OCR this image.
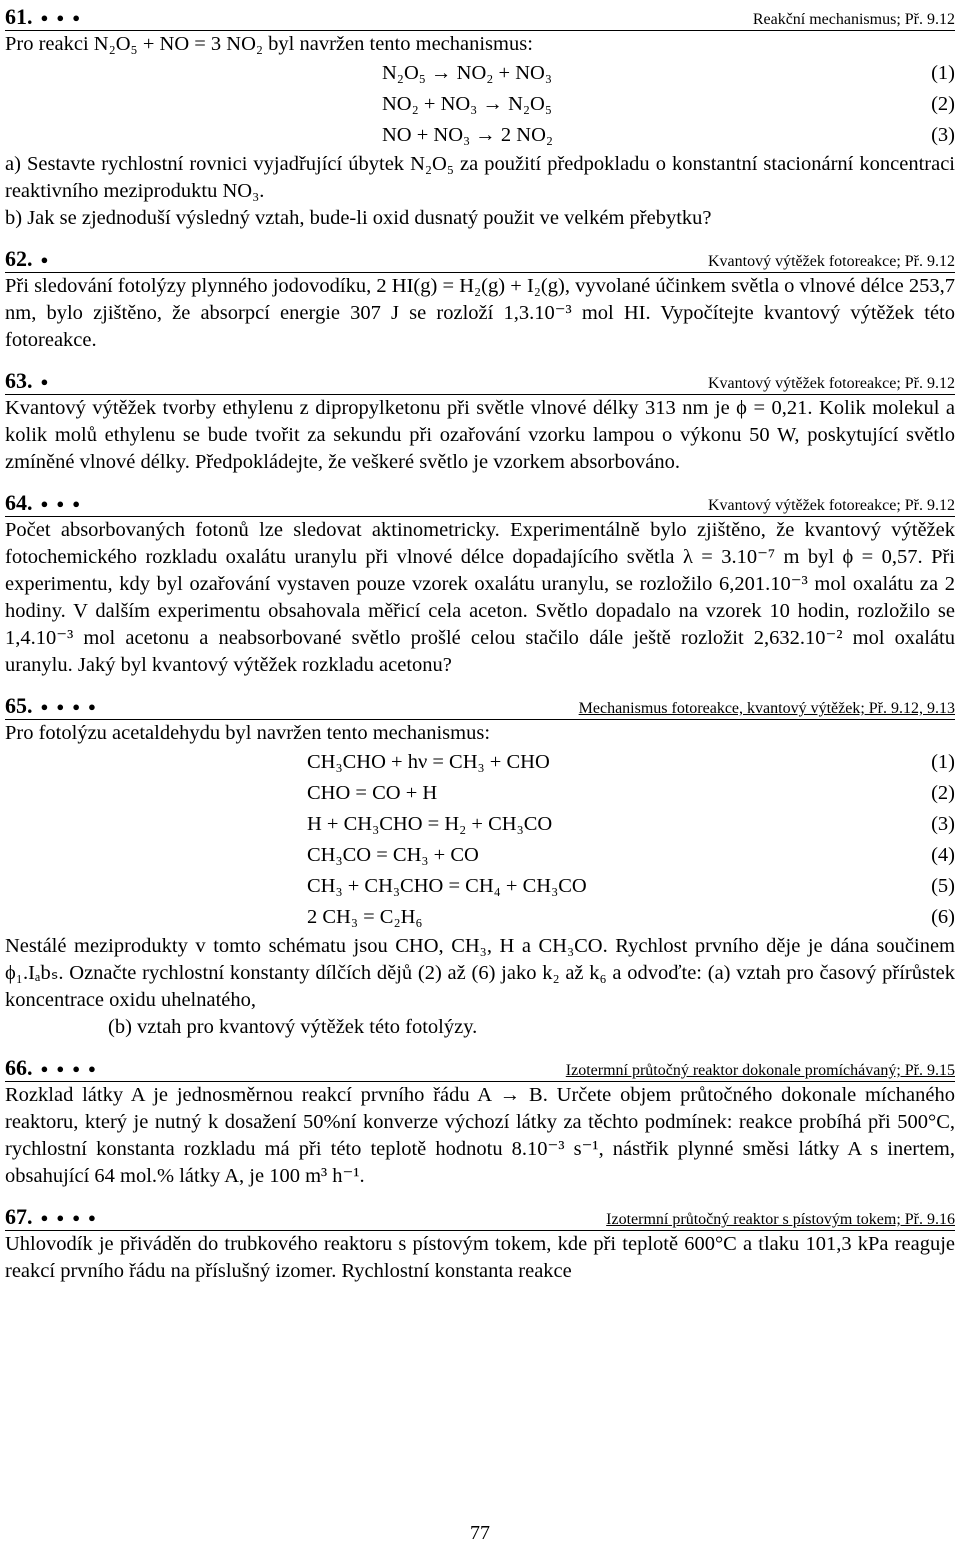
61. ●●●	Reakční mechanismus; Př. 9.12
Pro reakci N₂O₅ + NO = 3 NO₂ byl navržen tento mechanismus:
N₂O₅ → NO₂ + NO₃	(1)
NO₂ + NO₃ → N₂O₅	(2)
NO + NO₃ → 2 NO₂	(3)
a) Sestavte rychlostní rovnici vyjadřující úbytek N₂O₅ za použití předpokladu o konstantní stacionární koncentraci reaktivního meziproduktu NO₃.
b) Jak se zjednoduší výsledný vztah, bude-li oxid dusnatý použit ve velkém přebytku?
62. ●	Kvantový výtěžek fotoreakce; Př. 9.12
Při sledování fotolýzy plynného jodovodíku, 2 HI(g) = H₂(g) + I₂(g), vyvolané účinkem světla o vlnové délce 253,7 nm, bylo zjištěno, že absorpcí energie 307 J se rozloží 1,3.10⁻³ mol HI. Vypočítejte kvantový výtěžek této fotoreakce.
63. ●	Kvantový výtěžek fotoreakce; Př. 9.12
Kvantový výtěžek tvorby ethylenu z dipropylketonu při světle vlnové délky 313 nm je ϕ = 0,21. Kolik molekul a kolik molů ethylenu se bude tvořit za sekundu při ozařování vzorku lampou o výkonu 50 W, poskytující světlo zmíněné vlnové délky. Předpokládejte, že veškeré světlo je vzorkem absorbováno.
64. ●●●	Kvantový výtěžek fotoreakce; Př. 9.12
Počet absorbovaných fotonů lze sledovat aktinometricky. Experimentálně bylo zjištěno, že kvantový výtěžek fotochemického rozkladu oxalátu uranylu při vlnové délce dopadajícího světla λ = 3.10⁻⁷ m byl ϕ = 0,57. Při experimentu, kdy byl ozařování vystaven pouze vzorek oxalátu uranylu, se rozložilo 6,201.10⁻³ mol oxalátu za 2 hodiny. V dalším experimentu obsahovala měřicí cela aceton. Světlo dopadalo na vzorek 10 hodin, rozložilo se 1,4.10⁻³ mol acetonu a neabsorbované světlo prošlé celou stačilo dále ještě rozložit 2,632.10⁻² mol oxalátu uranylu. Jaký byl kvantový výtěžek rozkladu acetonu?
65. ●●●●	Mechanismus fotoreakce, kvantový výtěžek; Př. 9.12, 9.13
Pro fotolýzu acetaldehydu byl navržen tento mechanismus:
CH₃CHO + hν = CH₃ + CHO	(1)
CHO = CO + H	(2)
H + CH₃CHO = H₂ + CH₃CO	(3)
CH₃CO = CH₃ + CO	(4)
CH₃ + CH₃CHO = CH₄ + CH₃CO	(5)
2 CH₃ = C₂H₆	(6)
Nestálé meziprodukty v tomto schématu jsou CHO, CH₃, H a CH₃CO. Rychlost prvního děje je dána součinem ϕ₁.Iₐbₛ. Označte rychlostní konstanty dílčích dějů (2) až (6) jako k₂ až k₆ a odvoďte: (a) vztah pro časový přírůstek koncentrace oxidu uhelnatého,
(b) vztah pro kvantový výtěžek této fotolýzy.
66. ●●●●	Izotermní průtočný reaktor dokonale promíchávaný; Př. 9.15
Rozklad látky A je jednosměrnou reakcí prvního řádu A → B. Určete objem průtočného dokonale míchaného reaktoru, který je nutný k dosažení 50%ní konverze výchozí látky za těchto podmínek: reakce probíhá při 500°C, rychlostní konstanta rozkladu má při této teplotě hodnotu 8.10⁻³ s⁻¹, nástřik plynné směsi látky A s inertem, obsahující 64 mol.% látky A, je 100 m³ h⁻¹.
67. ●●●●	Izotermní průtočný reaktor s pístovým tokem; Př. 9.16
Uhlovodík je přiváděn do trubkového reaktoru s pístovým tokem, kde při teplotě 600°C a tlaku 101,3 kPa reaguje reakcí prvního řádu na příslušný izomer. Rychlostní konstanta reakce
77
